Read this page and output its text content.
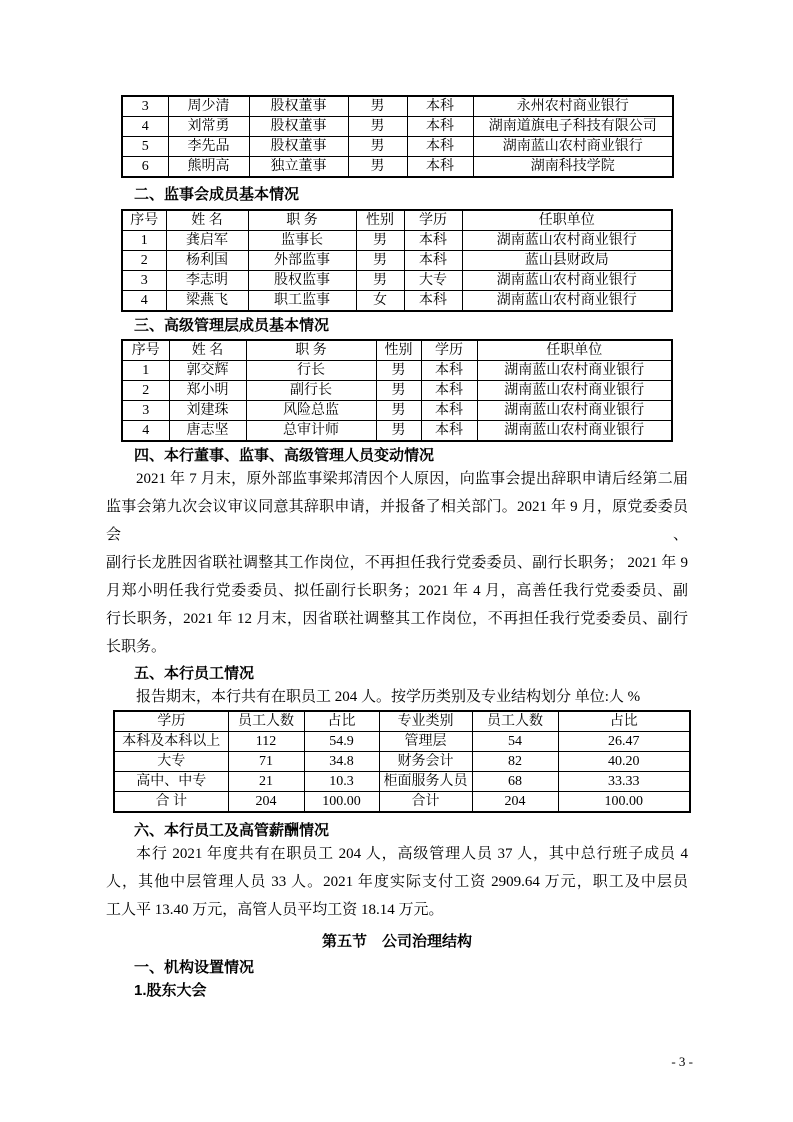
3	周少清	股权董事	男	本科	永州农村商业银行
4	刘常勇	股权董事	男	本科	湖南道旗电子科技有限公司
5	李先品	股权董事	男	本科	湖南蓝山农村商业银行
6	熊明高	独立董事	男	本科	湖南科技学院
二、监事会成员基本情况
序号	姓 名	职 务	性别	学历	任职单位
1	龚启军	监事长	男	本科	湖南蓝山农村商业银行
2	杨利国	外部监事	男	本科	蓝山县财政局
3	李志明	股权监事	男	大专	湖南蓝山农村商业银行
4	梁燕飞	职工监事	女	本科	湖南蓝山农村商业银行
三、高级管理层成员基本情况
序号	姓 名	职 务	性别	学历	任职单位
1	郭交辉	行长	男	本科	湖南蓝山农村商业银行
2	郑小明	副行长	男	本科	湖南蓝山农村商业银行
3	刘建珠	风险总监	男	本科	湖南蓝山农村商业银行
4	唐志坚	总审计师	男	本科	湖南蓝山农村商业银行
四、本行董事、监事、高级管理人员变动情况
2021 年 7 月末，原外部监事梁邦清因个人原因，向监事会提出辞职申请后经第二届
监事会第九次会议审议同意其辞职申请，并报备了相关部门。2021 年 9 月，原党委委员会、
副行长龙胜因省联社调整其工作岗位，不再担任我行党委委员、副行长职务； 2021 年 9
月郑小明任我行党委委员、拟任副行长职务；2021 年 4 月，高善任我行党委委员、副
行长职务，2021 年 12 月末，因省联社调整其工作岗位，不再担任我行党委委员、副行
长职务。
五、本行员工情况
报告期末，本行共有在职员工 204 人。按学历类别及专业结构划分 单位:人 %
学历	员工人数	占比	专业类别	员工人数	占比
本科及本科以上	112	54.9	管理层	54	26.47
大专	71	34.8	财务会计	82	40.20
高中、中专	21	10.3	柜面服务人员	68	33.33
合 计	204	100.00	合计	204	100.00
六、本行员工及高管薪酬情况
本行 2021 年度共有在职员工 204 人，高级管理人员 37 人，其中总行班子成员 4
人，其他中层管理人员 33 人。2021 年度实际支付工资 2909.64 万元，职工及中层员
工人平 13.40 万元，高管人员平均工资 18.14 万元。
第五节　公司治理结构
一、机构设置情况
1.股东大会
- 3 -
